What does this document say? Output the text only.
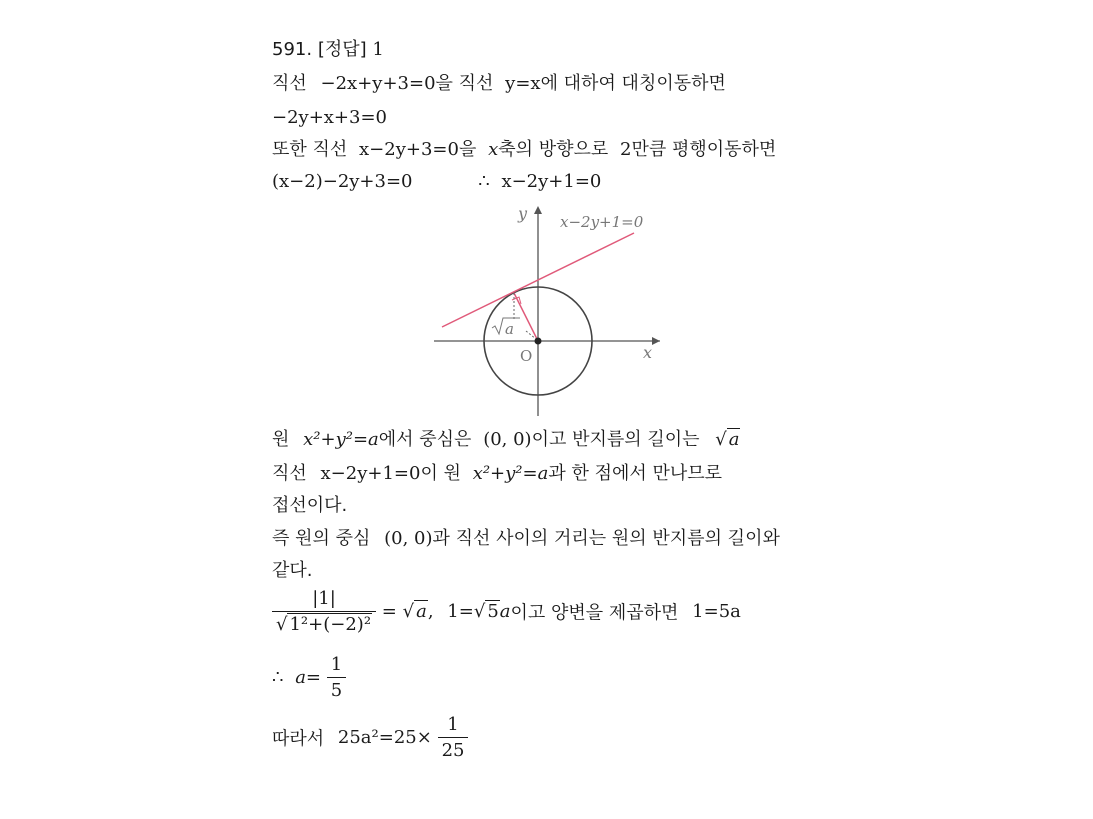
591. [정답] 1
직선 −2x+y+3=0을 직선 y=x에 대하여 대칭이동하면
−2y+x+3=0
또한 직선 x−2y+3=0을 x축의 방향으로 2만큼 평행이동하면
(x−2)−2y+3=0	∴ x−2y+1=0
y
x
O
x−2y+1=0
a
원 x²+y²=a에서 중심은 (0, 0)이고 반지름의 길이는 √ a
직선 x−2y+1=0이 원 x²+y²=a과 한 점에서 만나므로
접선이다.
즉 원의 중심 (0, 0)과 직선 사이의 거리는 원의 반지름의 길이와
같다.
$\frac{|1|}{\text{√ 1²+(−2)²}}$ = √ a, 1=√ 5a이고 양변을 제곱하면 1=5a
∴ $a= \frac{1}{5}$
따라서 $25a^2=25\times \frac{1}{25}$
